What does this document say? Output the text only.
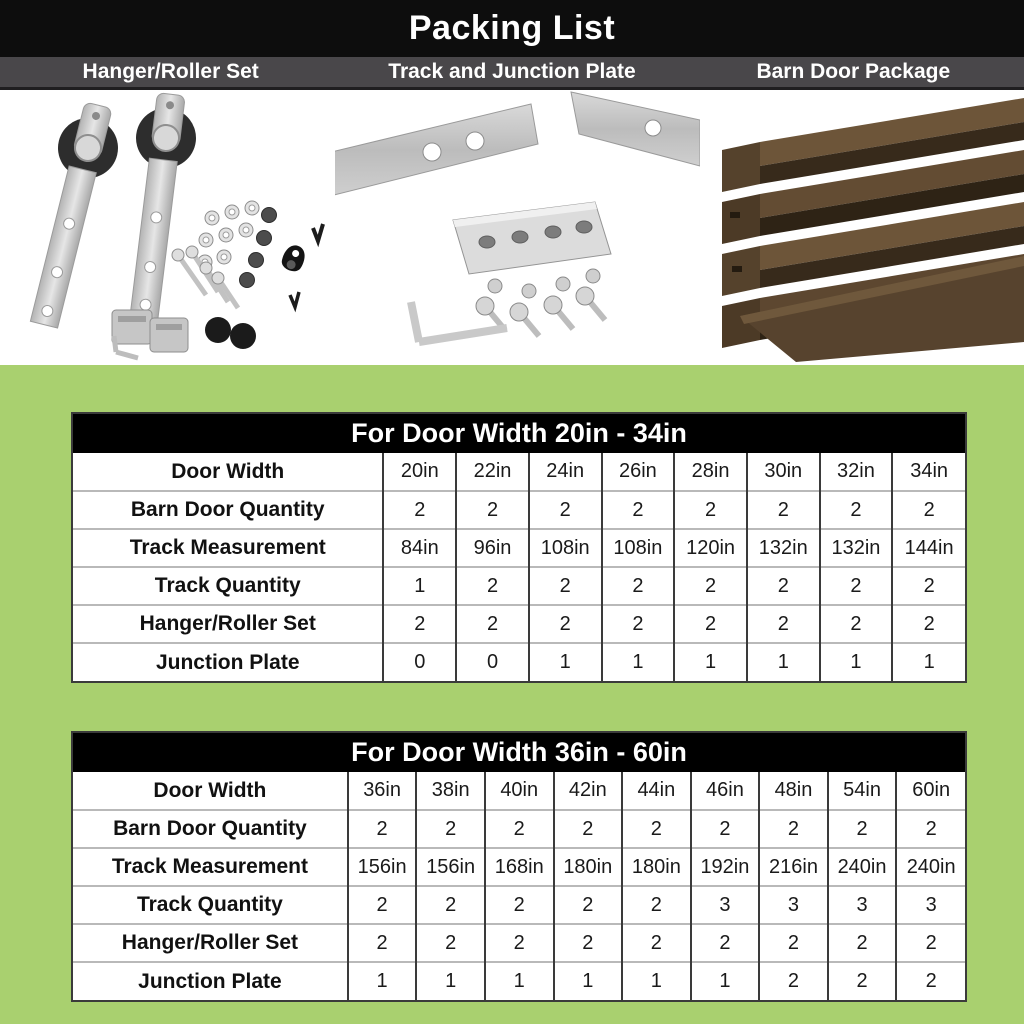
Packing List
Hanger/Roller Set	Track and Junction Plate	Barn Door Package
For Door Width 20in - 34in
Door Width	20in	22in	24in	26in	28in	30in	32in	34in
Barn Door Quantity	2	2	2	2	2	2	2	2
Track Measurement	84in	96in	108in	108in	120in	132in	132in	144in
Track Quantity	1	2	2	2	2	2	2	2
Hanger/Roller Set	2	2	2	2	2	2	2	2
Junction Plate	0	0	1	1	1	1	1	1
For Door Width 36in - 60in
Door Width	36in	38in	40in	42in	44in	46in	48in	54in	60in
Barn Door Quantity	2	2	2	2	2	2	2	2	2
Track Measurement	156in	156in	168in	180in	180in	192in	216in	240in	240in
Track Quantity	2	2	2	2	2	3	3	3	3
Hanger/Roller Set	2	2	2	2	2	2	2	2	2
Junction Plate	1	1	1	1	1	1	2	2	2
